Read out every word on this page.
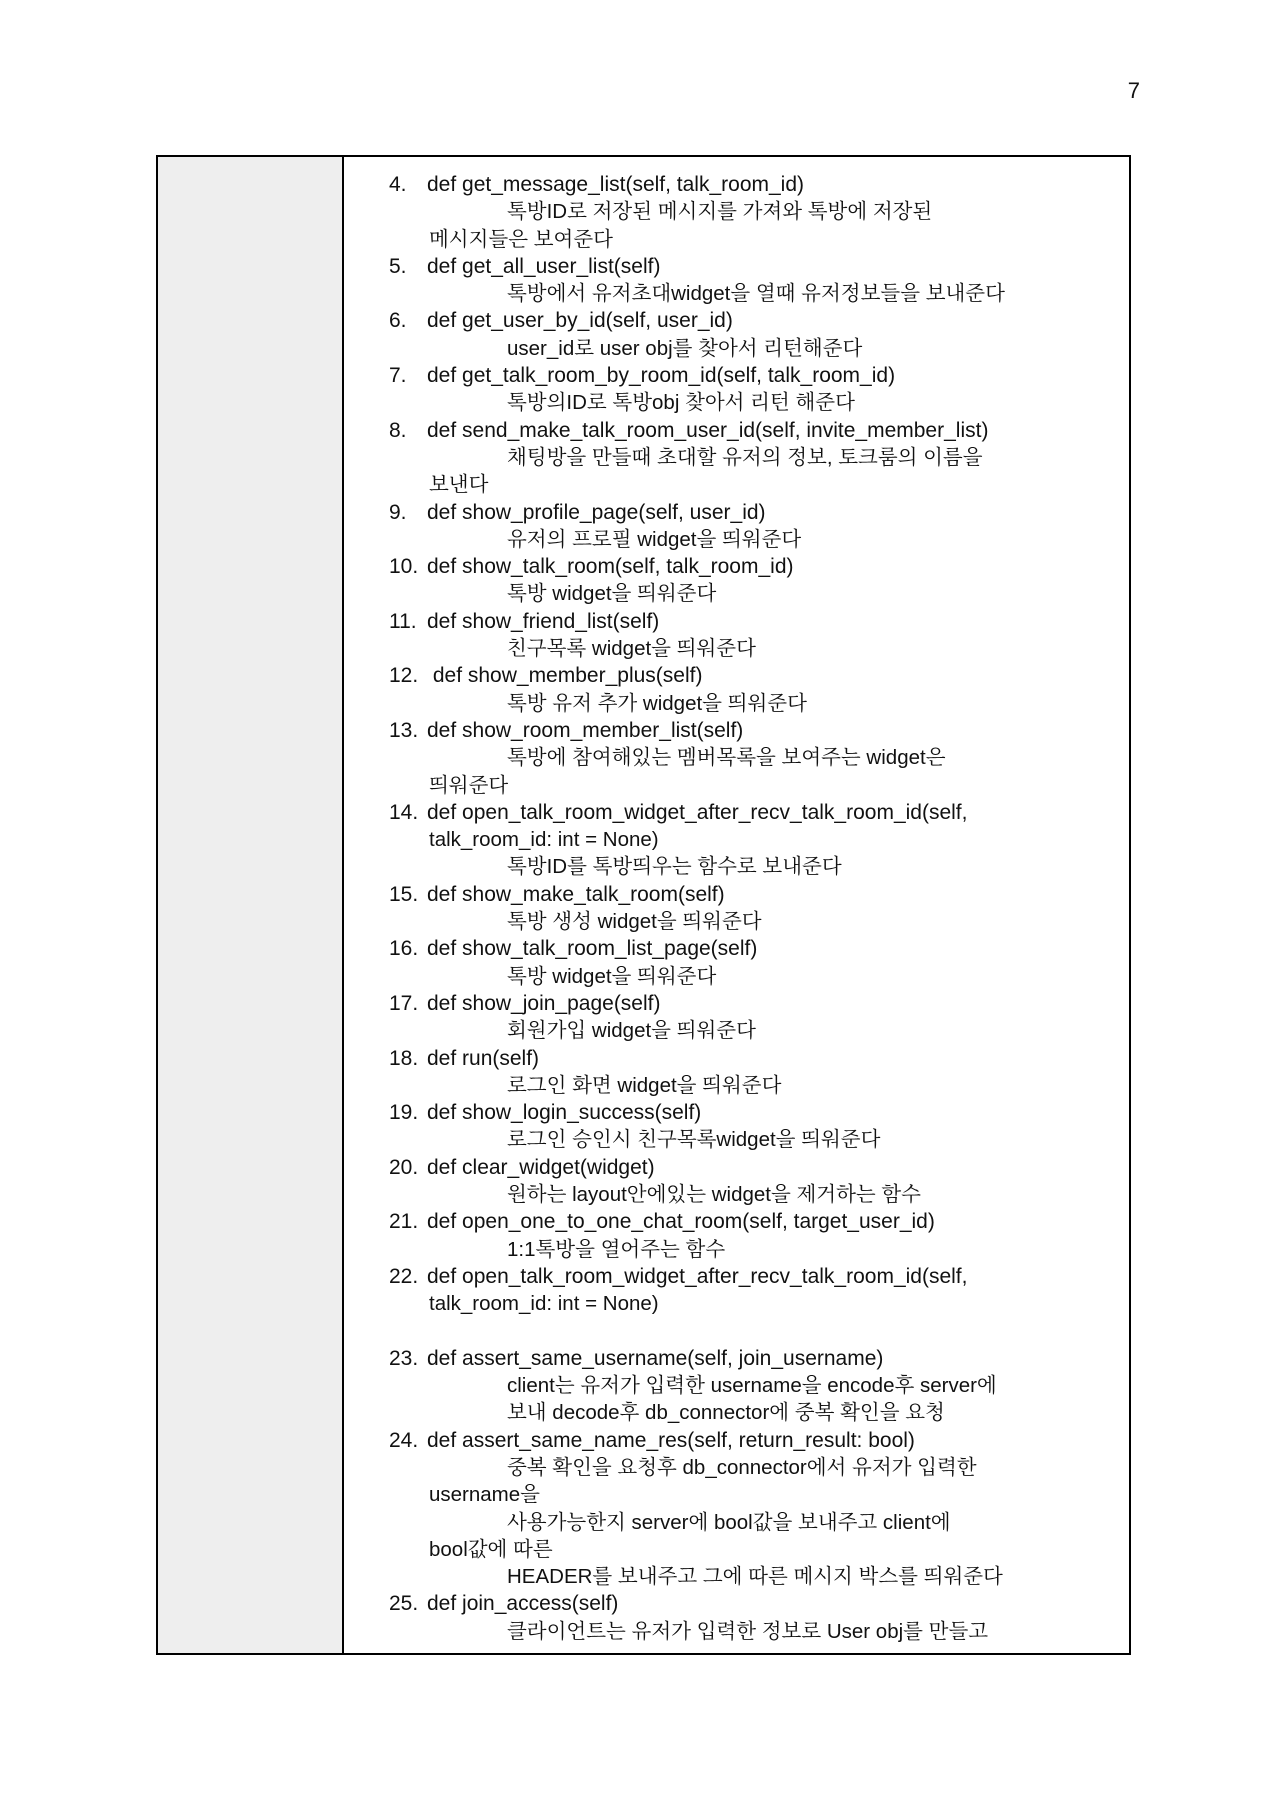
7
4. def get_message_list(self, talk_room_id)
톡방ID로 저장된 메시지를 가져와 톡방에 저장된
메시지들은 보여준다
5. def get_all_user_list(self)
톡방에서 유저초대widget을 열때 유저정보들을 보내준다
6. def get_user_by_id(self, user_id)
user_id로 user obj를 찾아서 리턴해준다
7. def get_talk_room_by_room_id(self, talk_room_id)
톡방의ID로 톡방obj 찾아서 리턴 해준다
8. def send_make_talk_room_user_id(self, invite_member_list)
채팅방을 만들때 초대할 유저의 정보, 토크룸의 이름을
보낸다
9. def show_profile_page(self, user_id)
유저의 프로필 widget을 띄워준다
10. def show_talk_room(self, talk_room_id)
톡방 widget을 띄워준다
11. def show_friend_list(self)
친구목록 widget을 띄워준다
12. def show_member_plus(self)
톡방 유저 추가 widget을 띄워준다
13. def show_room_member_list(self)
톡방에 참여해있는 멤버목록을 보여주는 widget은
띄워준다
14. def open_talk_room_widget_after_recv_talk_room_id(self,
talk_room_id: int = None)
톡방ID를 톡방띄우는 함수로 보내준다
15. def show_make_talk_room(self)
톡방 생성 widget을 띄워준다
16. def show_talk_room_list_page(self)
톡방 widget을 띄워준다
17. def show_join_page(self)
회원가입 widget을 띄워준다
18. def run(self)
로그인 화면 widget을 띄워준다
19. def show_login_success(self)
로그인 승인시 친구목록widget을 띄워준다
20. def clear_widget(widget)
원하는 layout안에있는 widget을 제거하는 함수
21. def open_one_to_one_chat_room(self, target_user_id)
1:1톡방을 열어주는 함수
22. def open_talk_room_widget_after_recv_talk_room_id(self,
talk_room_id: int = None)
23. def assert_same_username(self, join_username)
client는 유저가 입력한 username을 encode후 server에
보내 decode후 db_connector에 중복 확인을 요청
24. def assert_same_name_res(self, return_result: bool)
중복 확인을 요청후 db_connector에서 유저가 입력한
username을
사용가능한지 server에 bool값을 보내주고 client에
bool값에 따른
HEADER를 보내주고 그에 따른 메시지 박스를 띄워준다
25. def join_access(self)
클라이언트는 유저가 입력한 정보로 User obj를 만들고
